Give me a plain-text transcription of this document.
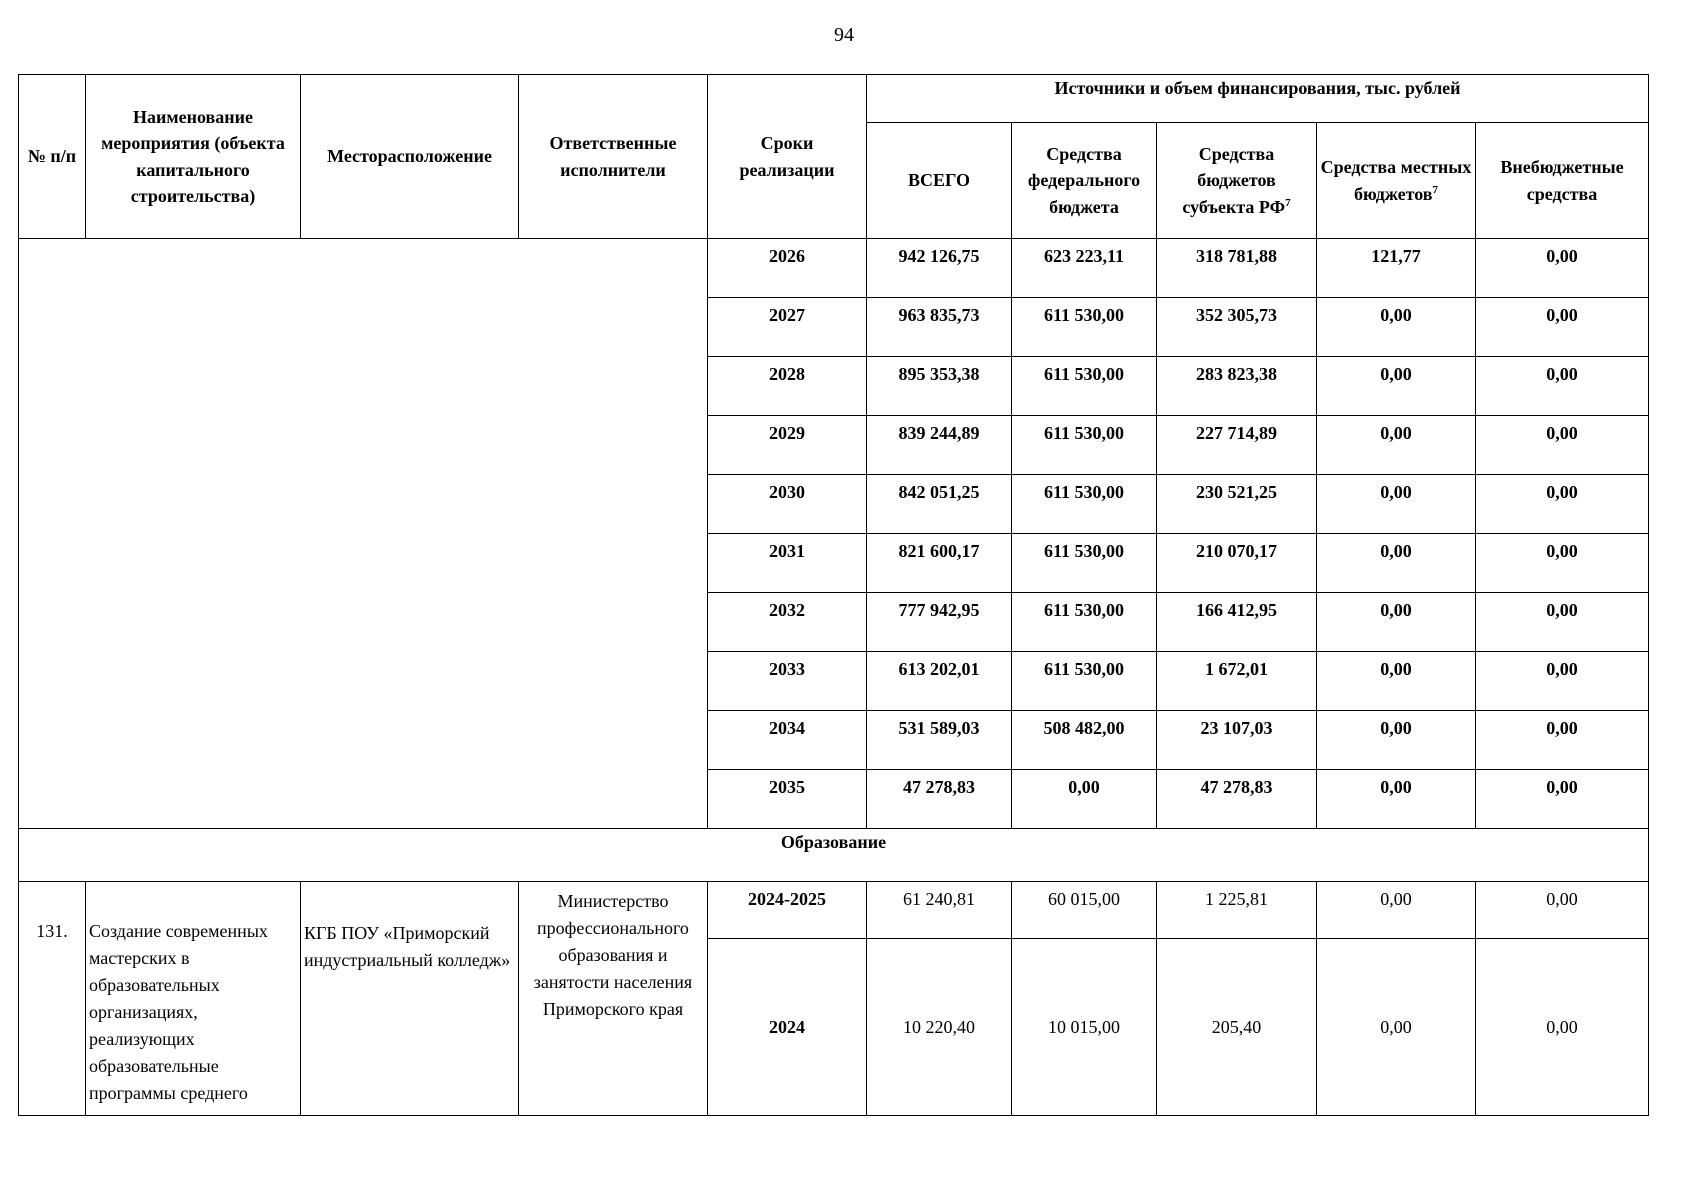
94
№ п/п	Наименование мероприятия (объекта капитального строительства)	Месторасположение	Ответственные исполнители	Сроки реализации	Источники и объем финансирования, тыс. рублей				
					ВСЕГО	Средства федерального бюджета	Средства бюджетов субъекта $РФ^7$	Средства местных бюджетов$^7$	Внебюджетные средства
				2026	942 126,75	623 223,11	318 781,88	121,77	0,00
				2027	963 835,73	611 530,00	352 305,73	0,00	0,00
				2028	895 353,38	611 530,00	283 823,38	0,00	0,00
				2029	839 244,89	611 530,00	227 714,89	0,00	0,00
				2030	842 051,25	611 530,00	230 521,25	0,00	0,00
				2031	821 600,17	611 530,00	210 070,17	0,00	0,00
				2032	777 942,95	611 530,00	166 412,95	0,00	0,00
				2033	613 202,01	611 530,00	1 672,01	0,00	0,00
				2034	531 589,03	508 482,00	23 107,03	0,00	0,00
				2035	47 278,83	0,00	47 278,83	0,00	0,00
Образование									
131.	Создание современных мастерских в образовательных организациях, реализующих образовательные программы среднего	КГБ ПОУ «Приморский индустриальный колледж»	Министерство профессионального образования и занятости населения Приморского края	2024-2025	61 240,81	60 015,00	1 225,81	0,00	0,00
				2024	10 220,40	10 015,00	205,40	0,00	0,00
